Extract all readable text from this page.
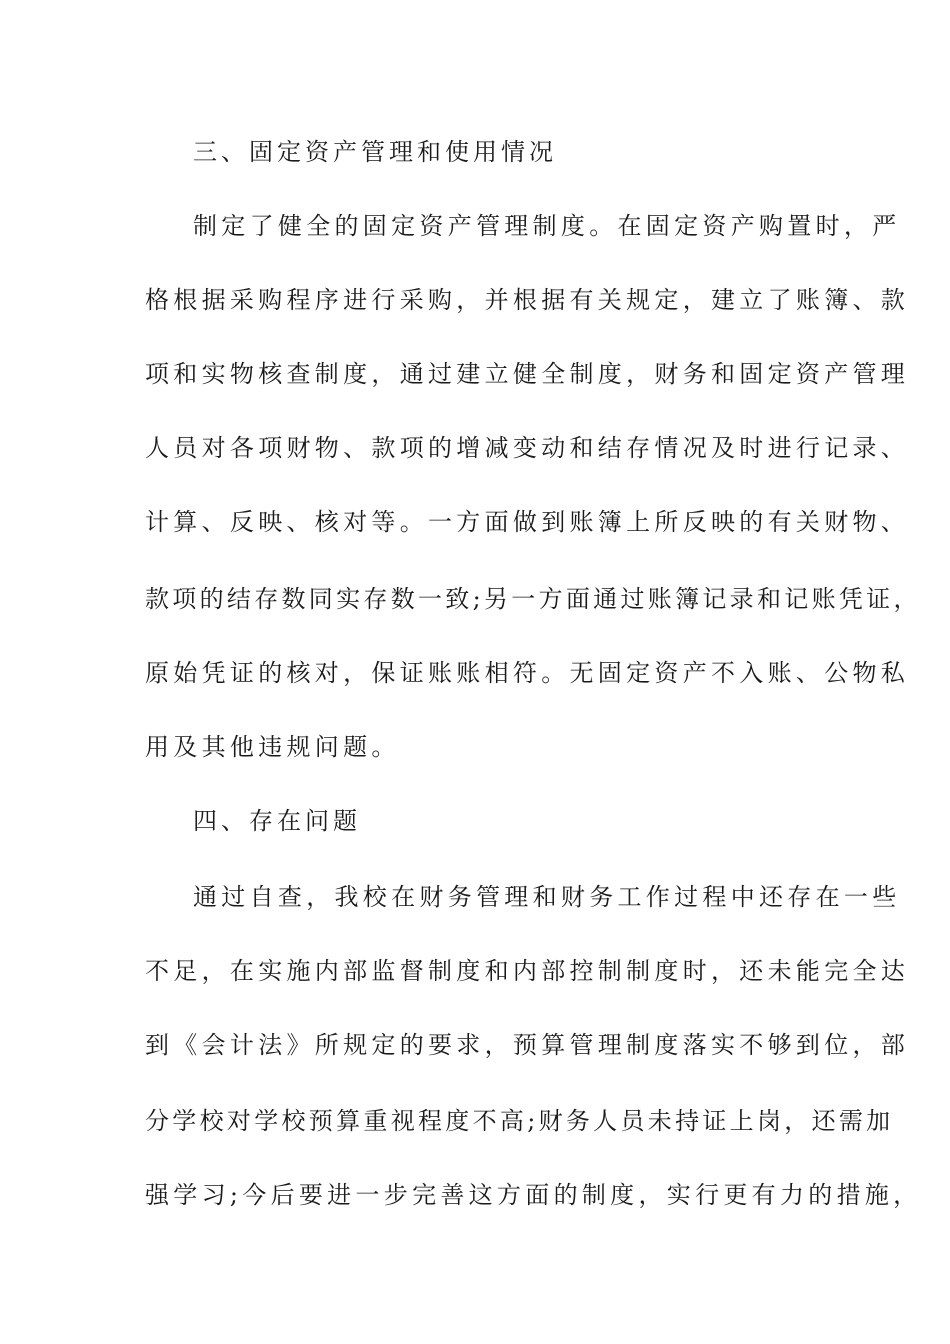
三、固定资产管理和使用情况
制定了健全的固定资产管理制度。在固定资产购置时，严
格根据采购程序进行采购，并根据有关规定，建立了账簿、款
项和实物核查制度，通过建立健全制度，财务和固定资产管理
人员对各项财物、款项的增减变动和结存情况及时进行记录、
计算、反映、核对等。一方面做到账簿上所反映的有关财物、
款项的结存数同实存数一致;另一方面通过账簿记录和记账凭证，
原始凭证的核对，保证账账相符。无固定资产不入账、公物私
用及其他违规问题。
四、存在问题
通过自查，我校在财务管理和财务工作过程中还存在一些
不足，在实施内部监督制度和内部控制制度时，还未能完全达
到《会计法》所规定的要求，预算管理制度落实不够到位，部
分学校对学校预算重视程度不高;财务人员未持证上岗，还需加
强学习;今后要进一步完善这方面的制度，实行更有力的措施，
